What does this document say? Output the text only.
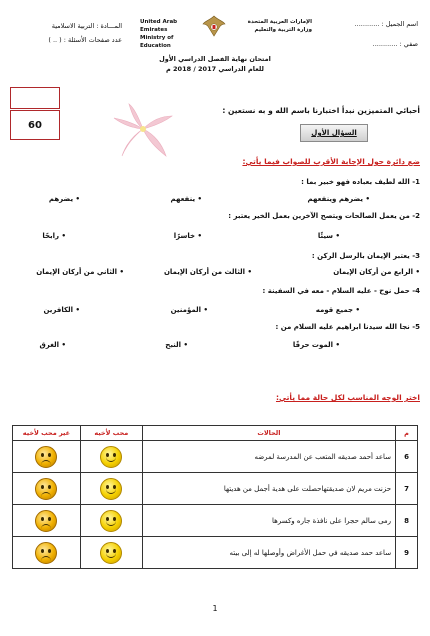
اسم الجميل : ............
صفي : ............
الإمارات العربية المتحدة
وزارة التربية والتعليم
United Arab Emirates
Ministry of Education
المـــادة : التربية الاسلامية
عدد صفحات الأسئلة : ( .. )
امتحان نهاية الفصل الدراسي الأول
للعام الدراسي 2017 / 2018 م
60
أحبائي المتميزين نبدأ اختبارنا باسم الله و به نستعين :
السؤال الأول
ضع دائرة حول الإجابة الأقرب للصواب فيما يأتي:
1- الله لطيف بعباده فهو خبير بما :
• يضرهم	• ينفعهم	• يضرهم وينفعهم
2- من يعمل الصالحات ويتصح الآخرين بعمل الخير يعتبر :
• رابحًا	• خاسرًا	• سيئًا
3- يعتبر الإيمان بالرسل الركن :
• الثاني من أركان الإيمان	• الثالث من أركان الإيمان	• الرابع من أركان الإيمان
4- حمل نوح - عليه السلام - معه في السفينة :
• الكافرين	• المؤمنين	• جميع قومه
5- نجا الله سيدنا ابراهيم عليه السلام من :
• الغرق	• النبح	• الموت حرقًا
اختر الوجه المناسب لكل حالة مما يأتي:
م	الحالات	محب لأخيه	غير محب لأخيه
6	ساعد أحمد صديقه المتعب عن المدرسة لمرضه	

7	حزنت مريم لان صديقتهاحصلت على هدية أجمل من هديتها	

8	رمى سالم حجرا على نافذة جاره وكسرها	

9	ساعد حمد صديقه في حمل الأغراض وأوصلها له إلى بيته	

1
